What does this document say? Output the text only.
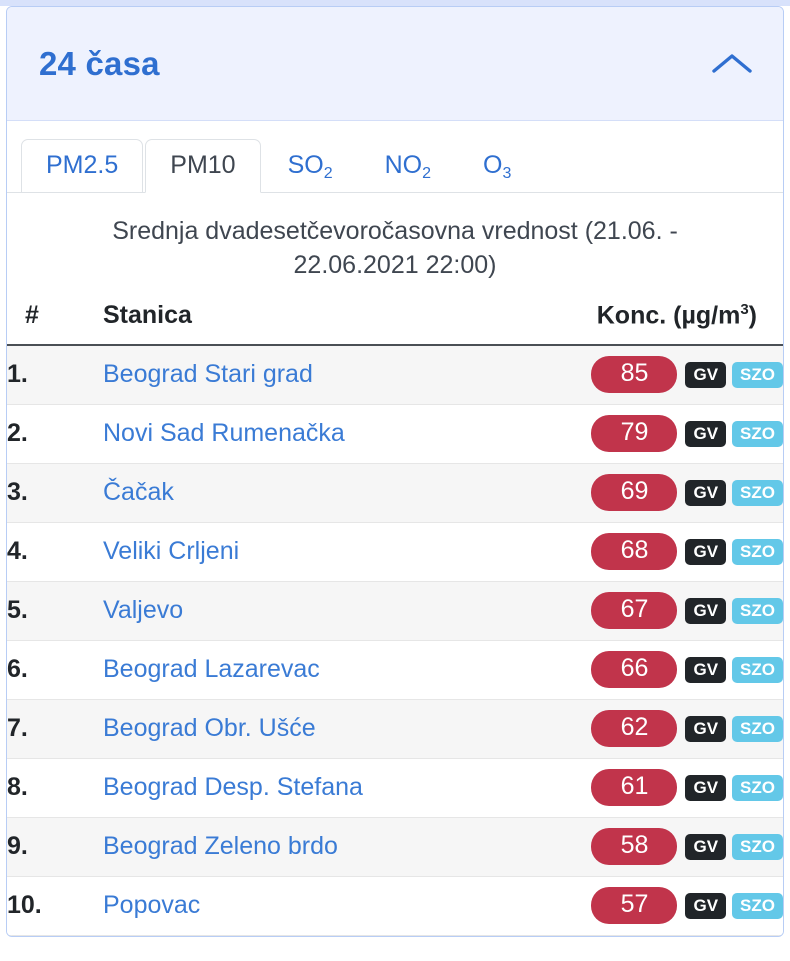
24 časa
PM2.5	PM10	$SO_2$	$NO_2$	$O_3$
Srednja dvadesetčevoročasovna vrednost (21.06. - 22.06.2021 22:00)
#	Stanica	Konc. $(\mu g/m^3)$
1.	Beograd Stari grad	85 GV SZO
2.	Novi Sad Rumenačka	79 GV SZO
3.	Čačak	69 GV SZO
4.	Veliki Crljeni	68 GV SZO
5.	Valjevo	67 GV SZO
6.	Beograd Lazarevac	66 GV SZO
7.	Beograd Obr. Ušće	62 GV SZO
8.	Beograd Desp. Stefana	61 GV SZO
9.	Beograd Zeleno brdo	58 GV SZO
10.	Popovac	57 GV SZO
